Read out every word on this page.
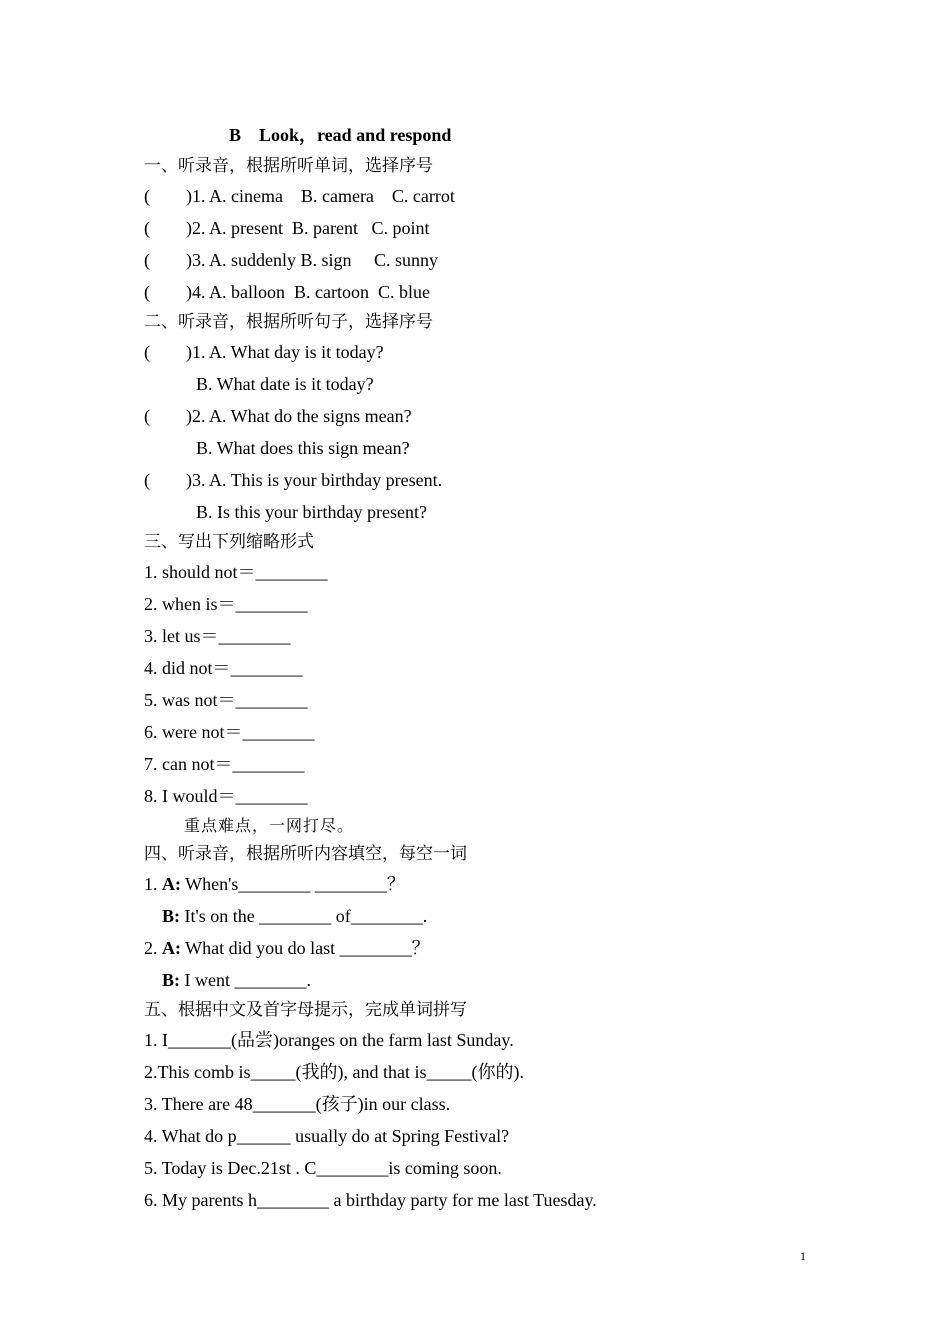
B    Look，read and respond
一、听录音，根据所听单词，选择序号
(        )1. A. cinema    B. camera    C. carrot
(        )2. A. present  B. parent   C. point
(        )3. A. suddenly B. sign     C. sunny
(        )4. A. balloon  B. cartoon  C. blue
二、听录音，根据所听句子，选择序号
(        )1. A. What day is it today?
B. What date is it today?
(        )2. A. What do the signs mean?
B. What does this sign mean?
(        )3. A. This is your birthday present.
B. Is this your birthday present?
三、写出下列缩略形式
1. should not＝________
2. when is＝________
3. let us＝________
4. did not＝________
5. was not＝________
6. were not＝________
7. can not＝________
8. I would＝________
重点难点，一网打尽。
四、听录音，根据所听内容填空，每空一词
1. A: When's________ ________？
B: It's on the ________ of________.
2. A: What did you do last ________？
B: I went ________.
五、根据中文及首字母提示，完成单词拼写
1. I_______(品尝)oranges on the farm last Sunday.
2.This comb is_____(我的), and that is_____(你的).
3. There are 48_______(孩子)in our class.
4. What do p______ usually do at Spring Festival?
5. Today is Dec.21st . C________is coming soon.
6. My parents h________ a birthday party for me last Tuesday.
1
